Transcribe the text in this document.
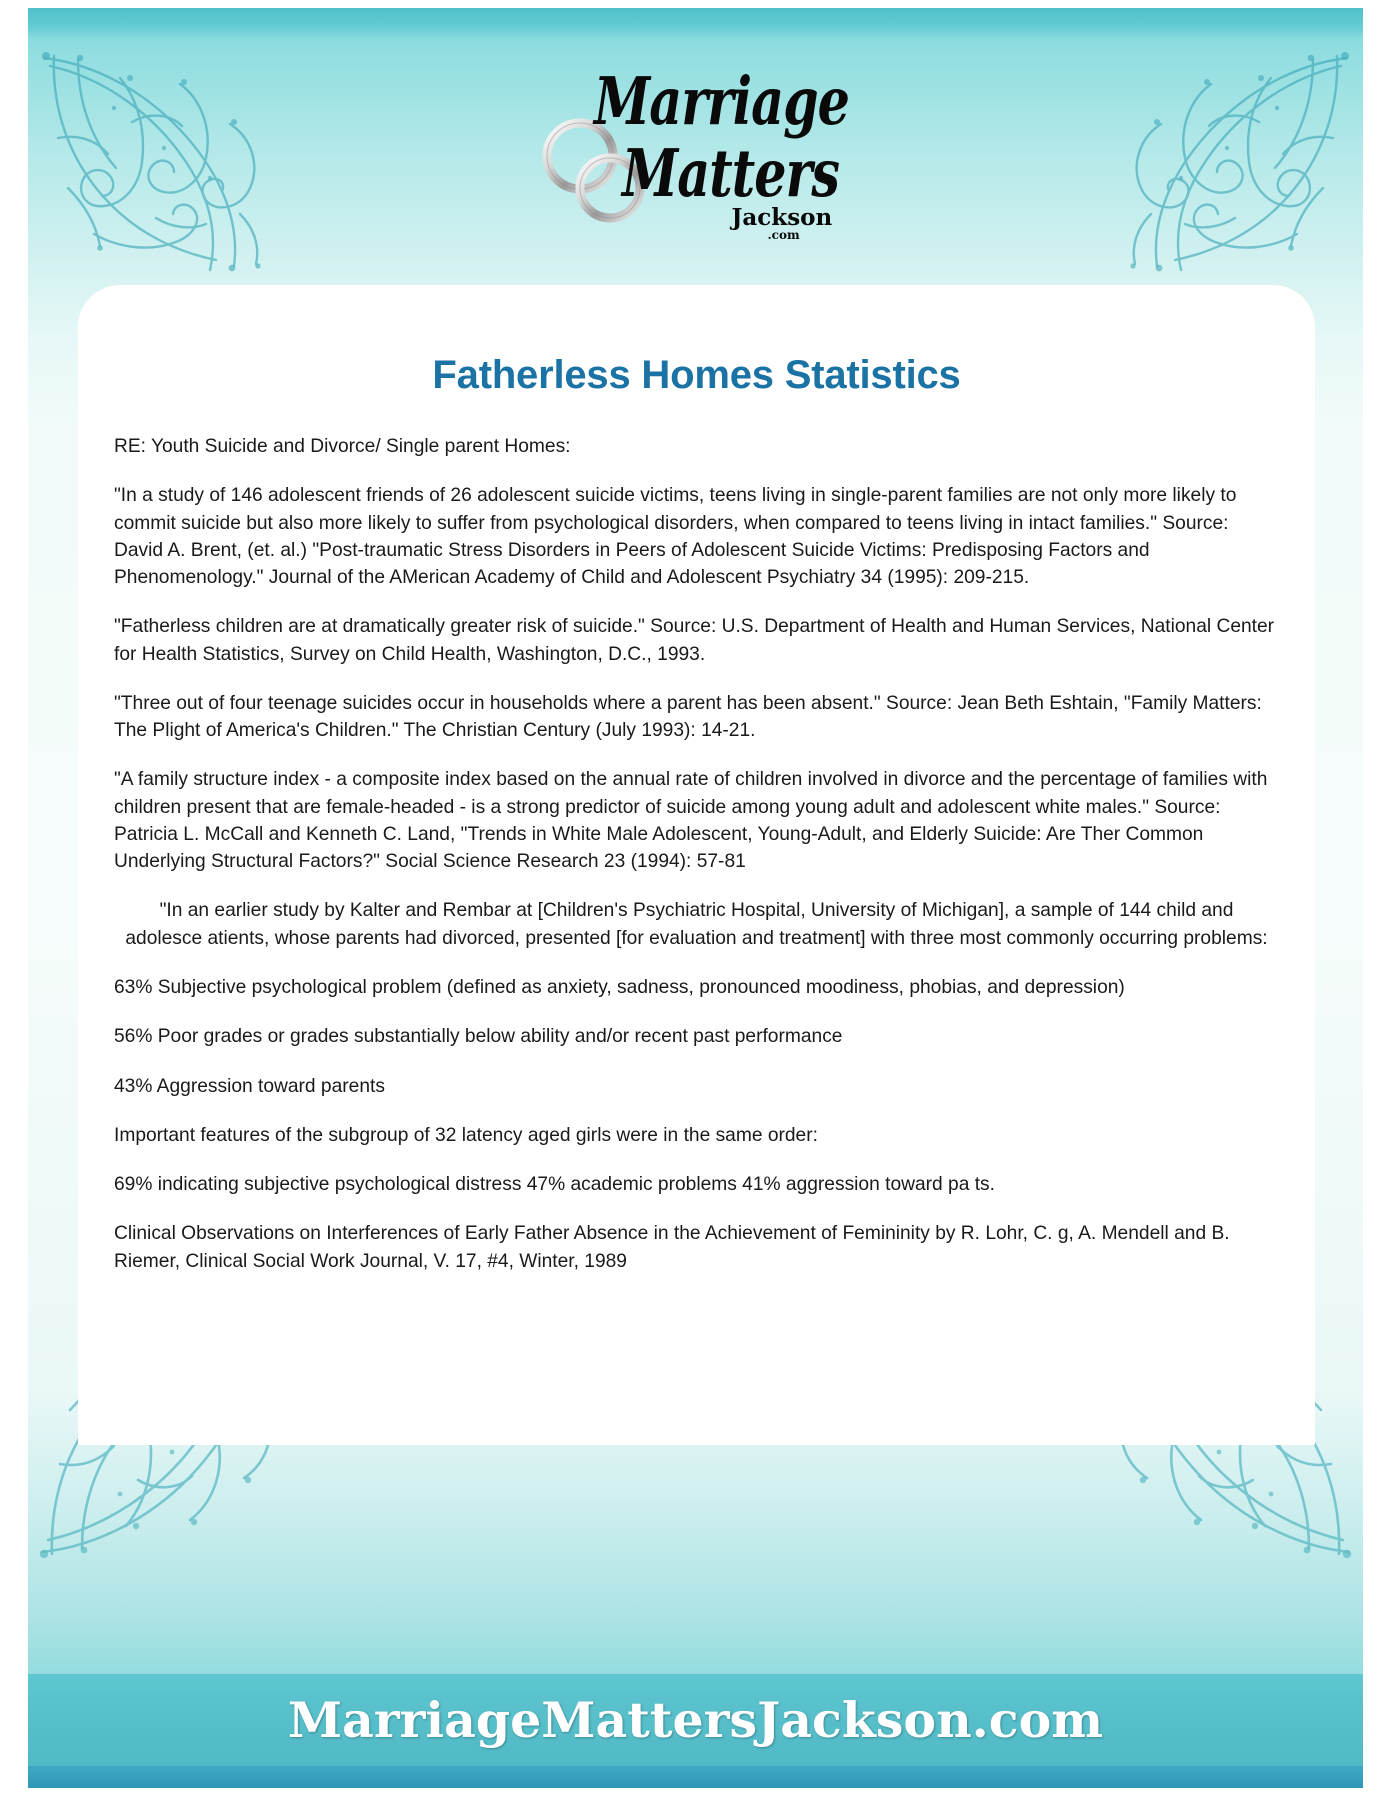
Marriage
Matters
Jackson
.com
Fatherless Homes Statistics

RE: Youth Suicide and Divorce/ Single parent Homes:

"In a study of 146 adolescent friends of 26 adolescent suicide victims, teens living in single-parent families are not only more likely to commit suicide but also more likely to suffer from psychological disorders, when compared to teens living in intact families." Source: David A. Brent, (et. al.) "Post-traumatic Stress Disorders in Peers of Adolescent Suicide Victims: Predisposing Factors and Phenomenology." Journal of the AMerican Academy of Child and Adolescent Psychiatry 34 (1995): 209-215.

"Fatherless children are at dramatically greater risk of suicide." Source: U.S. Department of Health and Human Services, National Center for Health Statistics, Survey on Child Health, Washington, D.C., 1993.

"Three out of four teenage suicides occur in households where a parent has been absent." Source: Jean Beth Eshtain, "Family Matters: The Plight of America's Children." The Christian Century (July 1993): 14-21.

"A family structure index - a composite index based on the annual rate of children involved in divorce and the percentage of families with children present that are female-headed - is a strong predictor of suicide among young adult and adolescent white males." Source: Patricia L. McCall and Kenneth C. Land, "Trends in White Male Adolescent, Young-Adult, and Elderly Suicide: Are Ther Common Underlying Structural Factors?" Social Science Research 23 (1994): 57-81

"In an earlier study by Kalter and Rembar at [Children's Psychiatric Hospital, University of Michigan], a sample of 144 child and adolesce atients, whose parents had divorced, presented [for evaluation and treatment] with three most commonly occurring problems:

63% Subjective psychological problem (defined as anxiety, sadness, pronounced moodiness, phobias, and depression)

56% Poor grades or grades substantially below ability and/or recent past performance

43% Aggression toward parents

Important features of the subgroup of 32 latency aged girls were in the same order:

69% indicating subjective psychological distress 47% academic problems 41% aggression toward pa ts.

Clinical Observations on Interferences of Early Father Absence in the Achievement of Femininity by R. Lohr, C. g, A. Mendell and B. Riemer, Clinical Social Work Journal, V. 17, #4, Winter, 1989

MarriageMattersJackson.com
